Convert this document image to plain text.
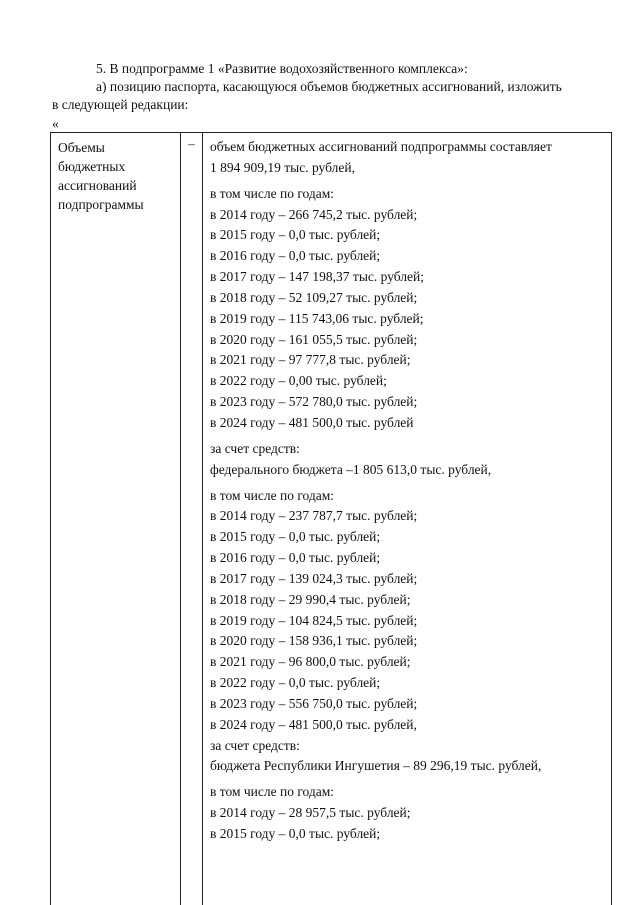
5. В подпрограмме 1 «Развитие водохозяйственного комплекса»:
а) позицию паспорта, касающуюся объемов бюджетных ассигнований, изложить
в следующей редакции:
«
Объемы
бюджетных
ассигнований
подпрограммы
–	объем бюджетных ассигнований подпрограммы составляет
1 894 909,19 тыс. рублей,
в том числе по годам:
в 2014 году – 266 745,2 тыс. рублей;
в 2015 году – 0,0 тыс. рублей;
в 2016 году – 0,0 тыс. рублей;
в 2017 году – 147 198,37 тыс. рублей;
в 2018 году – 52 109,27 тыс. рублей;
в 2019 году – 115 743,06 тыс. рублей;
в 2020 году – 161 055,5 тыс. рублей;
в 2021 году – 97 777,8 тыс. рублей;
в 2022 году – 0,00 тыс. рублей;
в 2023 году – 572 780,0 тыс. рублей;
в 2024 году – 481 500,0 тыс. рублей
за счет средств:
федерального бюджета –1 805 613,0 тыс. рублей,
в том числе по годам:
в 2014 году – 237 787,7 тыс. рублей;
в 2015 году – 0,0 тыс. рублей;
в 2016 году – 0,0 тыс. рублей;
в 2017 году – 139 024,3 тыс. рублей;
в 2018 году – 29 990,4 тыс. рублей;
в 2019 году – 104 824,5 тыс. рублей;
в 2020 году – 158 936,1 тыс. рублей;
в 2021 году – 96 800,0 тыс. рублей;
в 2022 году – 0,0 тыс. рублей;
в 2023 году – 556 750,0 тыс. рублей;
в 2024 году – 481 500,0 тыс. рублей,
за счет средств:
бюджета Республики Ингушетия – 89 296,19 тыс. рублей,
в том числе по годам:
в 2014 году – 28 957,5 тыс. рублей;
в 2015 году – 0,0 тыс. рублей;
